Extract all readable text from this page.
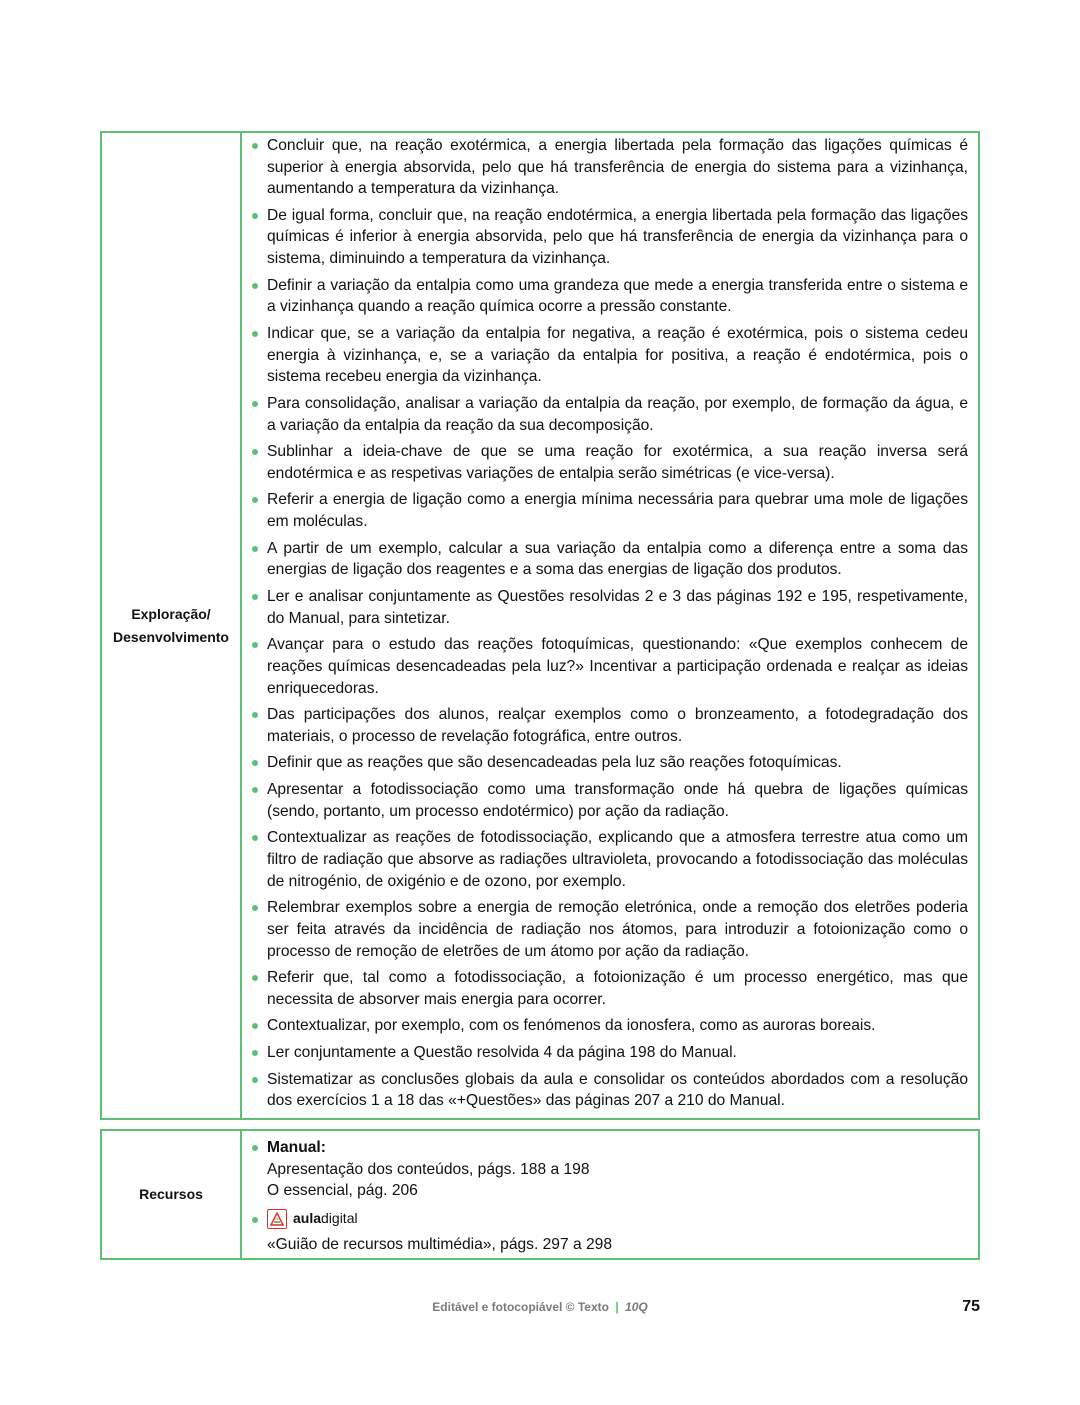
Exploração/
Desenvolvimento
Concluir que, na reação exotérmica, a energia libertada pela formação das ligações químicas é superior à energia absorvida, pelo que há transferência de energia do sistema para a vizinhança, aumentando a temperatura da vizinhança.
De igual forma, concluir que, na reação endotérmica, a energia libertada pela formação das ligações químicas é inferior à energia absorvida, pelo que há transferência de energia da vizinhança para o sistema, diminuindo a temperatura da vizinhança.
Definir a variação da entalpia como uma grandeza que mede a energia transferida entre o sistema e a vizinhança quando a reação química ocorre a pressão constante.
Indicar que, se a variação da entalpia for negativa, a reação é exotérmica, pois o sistema cedeu energia à vizinhança, e, se a variação da entalpia for positiva, a reação é endotérmica, pois o sistema recebeu energia da vizinhança.
Para consolidação, analisar a variação da entalpia da reação, por exemplo, de formação da água, e a variação da entalpia da reação da sua decomposição.
Sublinhar a ideia-chave de que se uma reação for exotérmica, a sua reação inversa será endotérmica e as respetivas variações de entalpia serão simétricas (e vice-versa).
Referir a energia de ligação como a energia mínima necessária para quebrar uma mole de ligações em moléculas.
A partir de um exemplo, calcular a sua variação da entalpia como a diferença entre a soma das energias de ligação dos reagentes e a soma das energias de ligação dos produtos.
Ler e analisar conjuntamente as Questões resolvidas 2 e 3 das páginas 192 e 195, respetivamente, do Manual, para sintetizar.
Avançar para o estudo das reações fotoquímicas, questionando: «Que exemplos conhecem de reações químicas desencadeadas pela luz?» Incentivar a participação ordenada e realçar as ideias enriquecedoras.
Das participações dos alunos, realçar exemplos como o bronzeamento, a fotodegradação dos materiais, o processo de revelação fotográfica, entre outros.
Definir que as reações que são desencadeadas pela luz são reações fotoquímicas.
Apresentar a fotodissociação como uma transformação onde há quebra de ligações químicas (sendo, portanto, um processo endotérmico) por ação da radiação.
Contextualizar as reações de fotodissociação, explicando que a atmosfera terrestre atua como um filtro de radiação que absorve as radiações ultravioleta, provocando a fotodissociação das moléculas de nitrogénio, de oxigénio e de ozono, por exemplo.
Relembrar exemplos sobre a energia de remoção eletrónica, onde a remoção dos eletrões poderia ser feita através da incidência de radiação nos átomos, para introduzir a fotoionização como o processo de remoção de eletrões de um átomo por ação da radiação.
Referir que, tal como a fotodissociação, a fotoionização é um processo energético, mas que necessita de absorver mais energia para ocorrer.
Contextualizar, por exemplo, com os fenómenos da ionosfera, como as auroras boreais.
Ler conjuntamente a Questão resolvida 4 da página 198 do Manual.
Sistematizar as conclusões globais da aula e consolidar os conteúdos abordados com a resolução dos exercícios 1 a 18 das «+Questões» das páginas 207 a 210 do Manual.
Recursos
Manual:
Apresentação dos conteúdos, págs. 188 a 198
O essencial, pág. 206
auladigital
«Guião de recursos multimédia», págs. 297 a 298
Editável e fotocopiável © Texto | 10Q	75
